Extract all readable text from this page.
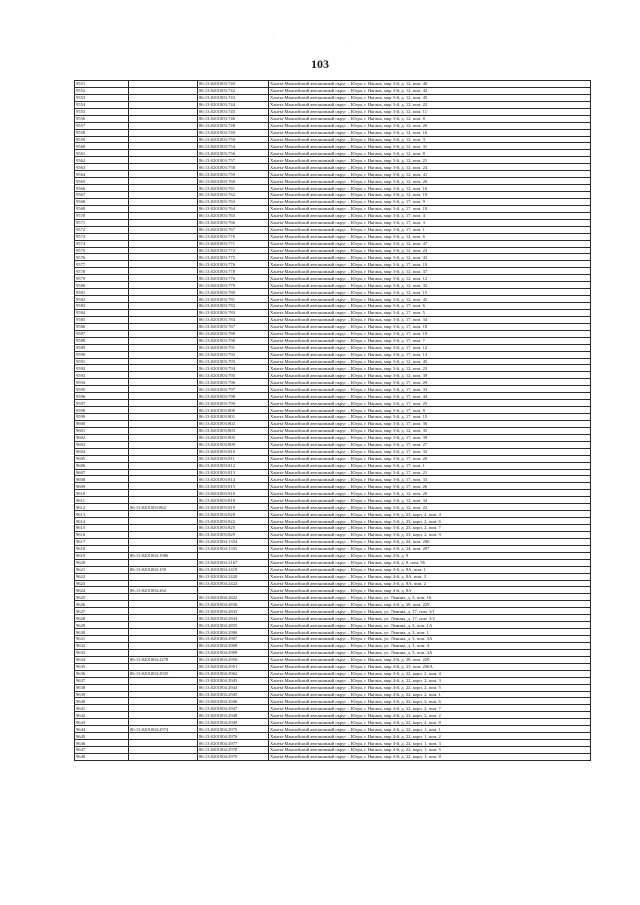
103
9551		86:13:0201003:740	Ханты-Мансийский автономный округ – Югра, г. Нягань, мкр 3-й, д. 12, пом. 40
9552		86:13:0201003:742	Ханты-Мансийский автономный округ – Югра, г. Нягань, мкр 3-й, д. 12, пом. 42
9553		86:13:0201003:743	Ханты-Мансийский автономный округ – Югра, г. Нягань, мкр 3-й, д. 12, пом. 45
9554		86:13:0201003:744	Ханты-Мансийский автономный округ – Югра, г. Нягань, мкр 3-й, д. 12, пом. 22
9555		86:13:0201003:745	Ханты-Мансийский автономный округ – Югра, г. Нягань, мкр 3-й, д. 12, пом. 11
9556		86:13:0201003:746	Ханты-Мансийский автономный округ – Югра, г. Нягань, мкр 3-й, д. 12, пом. 8
9557		86:13:0201003:748	Ханты-Мансийский автономный округ – Югра, г. Нягань, мкр 3-й, д. 12, пом. 20
9558		86:13:0201003:749	Ханты-Мансийский автономный округ – Югра, г. Нягань, мкр 3-й, д. 12, пом. 16
9559		86:13:0201003:750	Ханты-Мансийский автономный округ – Югра, г. Нягань, мкр 3-й, д. 12, пом. 3
9560		86:13:0201003:754	Ханты-Мансийский автономный округ – Югра, г. Нягань, мкр 3-й, д. 12, пом. 31
9561		86:13:0201003:756	Ханты-Мансийский автономный округ – Югра, г. Нягань, мкр 3-й, д. 12, пом. 8
9562		86:13:0201003:757	Ханты-Мансийский автономный округ – Югра, г. Нягань, мкр 3-й, д. 12, пом. 21
9563		86:13:0201003:758	Ханты-Мансийский автономный округ – Югра, г. Нягань, мкр 3-й, д. 12, пом. 24
9564		86:13:0201003:759	Ханты-Мансийский автономный округ – Югра, г. Нягань, мкр 3-й, д. 12, пом. 41
9565		86:13:0201003:760	Ханты-Мансийский автономный округ – Югра, г. Нягань, мкр 3-й, д. 12, пом. 26
9566		86:13:0201003:761	Ханты-Мансийский автономный округ – Югра, г. Нягань, мкр 3-й, д. 12, пом. 16
9567		86:13:0201003:762	Ханты-Мансийский автономный округ – Югра, г. Нягань, мкр 3-й, д. 12, пом. 18
9568		86:13:0201003:763	Ханты-Мансийский автономный округ – Югра, г. Нягань, мкр 3-й, д. 17, пом. 9
9569		86:13:0201003:764	Ханты-Мансийский автономный округ – Югра, г. Нягань, мкр 3-й, д. 17, пом. 18
9570		86:13:0201003:765	Ханты-Мансийский автономный округ – Югра, г. Нягань, мкр 3-й, д. 17, пом. 4
9571		86:13:0201003:766	Ханты-Мансийский автономный округ – Югра, г. Нягань, мкр 3-й, д. 17, пом. 3
9572		86:13:0201003:767	Ханты-Мансийский автономный округ – Югра, г. Нягань, мкр 3-й, д. 17, пом. 1
9573		86:13:0201003:770	Ханты-Мансийский автономный округ – Югра, г. Нягань, мкр 3-й, д. 12, пом. 6
9574		86:13:0201003:771	Ханты-Мансийский автономный округ – Югра, г. Нягань, мкр 3-й, д. 12, пом. 47
9575		86:13:0201003:772	Ханты-Мансийский автономный округ – Югра, г. Нягань, мкр 3-й, д. 12, пом. 24
9576		86:13:0201003:775	Ханты-Мансийский автономный округ – Югра, г. Нягань, мкр 3-й, д. 12, пом. 43
9577		86:13:0201003:776	Ханты-Мансийский автономный округ – Югра, г. Нягань, мкр 3-й, д. 17, пом. 10
9578		86:13:0201003:778	Ханты-Мансийский автономный округ – Югра, г. Нягань, мкр 3-й, д. 12, пом. 37
9579		86:13:0201003:776	Ханты-Мансийский автономный округ – Югра, г. Нягань, мкр 3-й, д. 12, пом. 12
9580		86:13:0201003:779	Ханты-Мансийский автономный округ – Югра, г. Нягань, мкр 3-й, д. 12, пом. 32
9581		86:13:0201003:780	Ханты-Мансийский автономный округ – Югра, г. Нягань, мкр 3-й, д. 12, пом. 15
9582		86:13:0201003:781	Ханты-Мансийский автономный округ – Югра, г. Нягань, мкр 3-й, д. 12, пом. 45
9583		86:13:0201003:782	Ханты-Мансийский автономный округ – Югра, г. Нягань, мкр 3-й, д. 17, пом. 6
9584		86:13:0201003:783	Ханты-Мансийский автономный округ – Югра, г. Нягань, мкр 3-й, д. 17, пом. 5
9585		86:13:0201003:784	Ханты-Мансийский автономный округ – Югра, г. Нягань, мкр 3-й, д. 17, пом. 34
9586		86:13:0201003:787	Ханты-Мансийский автономный округ – Югра, г. Нягань, мкр 3-й, д. 17, пом. 18
9587		86:13:0201003:788	Ханты-Мансийский автономный округ – Югра, г. Нягань, мкр 3-й, д. 17, пом. 19
9588		86:13:0201003:790	Ханты-Мансийский автономный округ – Югра, г. Нягань, мкр 3-й, д. 17, пом. 7
9589		86:13:0201003:791	Ханты-Мансийский автономный округ – Югра, г. Нягань, мкр 3-й, д. 17, пом. 12
9590		86:13:0201003:792	Ханты-Мансийский автономный округ – Югра, г. Нягань, мкр 3-й, д. 17, пом. 13
9591		86:13:0201003:793	Ханты-Мансийский автономный округ – Югра, г. Нягань, мкр 3-й, д. 12, пом. 45
9592		86:13:0201003:794	Ханты-Мансийский автономный округ – Югра, г. Нягань, мкр 3-й, д. 12, пом. 23
9593		86:13:0201003:795	Ханты-Мансийский автономный округ – Югра, г. Нягань, мкр 3-й, д. 12, пом. 39
9594		86:13:0201003:796	Ханты-Мансийский автономный округ – Югра, г. Нягань, мкр 3-й, д. 17, пом. 29
9595		86:13:0201003:797	Ханты-Мансийский автономный округ – Югра, г. Нягань, мкр 3-й, д. 17, пом. 33
9596		86:13:0201003:798	Ханты-Мансийский автономный округ – Югра, г. Нягань, мкр 3-й, д. 17, пом. 44
9597		86:13:0201003:799	Ханты-Мансийский автономный округ – Югра, г. Нягань, мкр 3-й, д. 17, пом. 25
9598		86:13:0201003:800	Ханты-Мансийский автономный округ – Югра, г. Нягань, мкр 3-й, д. 17, пом. 8
9599		86:13:0201003:801	Ханты-Мансийский автономный округ – Югра, г. Нягань, мкр 3-й, д. 17, пом. 15
9600		86:13:0201003:802	Ханты-Мансийский автономный округ – Югра, г. Нягань, мкр 3-й, д. 17, пом. 36
9601		86:13:0201003:803	Ханты-Мансийский автономный округ – Югра, г. Нягань, мкр 3-й, д. 12, пом. 35
9602		86:13:0201003:805	Ханты-Мансийский автономный округ – Югра, г. Нягань, мкр 3-й, д. 17, пом. 39
9603		86:13:0201003:809	Ханты-Мансийский автономный округ – Югра, г. Нягань, мкр 3-й, д. 17, пом. 27
9604		86:13:0201003:810	Ханты-Мансийский автономный округ – Югра, г. Нягань, мкр 3-й, д. 17, пом. 32
9605		86:13:0201003:811	Ханты-Мансийский автономный округ – Югра, г. Нягань, мкр 3-й, д. 17, пом. 20
9606		86:13:0201003:812	Ханты-Мансийский автономный округ – Югра, г. Нягань, мкр 3-й, д. 17, пом. 1
9607		86:13:0201003:813	Ханты-Мансийский автономный округ – Югра, г. Нягань, мкр 3-й, д. 17, пом. 21
9608		86:13:0201003:814	Ханты-Мансийский автономный округ – Югра, г. Нягань, мкр 3-й, д. 17, пом. 33
9609		86:13:0201003:815	Ханты-Мансийский автономный округ – Югра, г. Нягань, мкр 3-й, д. 17, пом. 26
9610		86:13:0201003:816	Ханты-Мансийский автономный округ – Югра, г. Нягань, мкр 3-й, д. 12, пом. 20
9611		86:13:0201003:818	Ханты-Мансийский автономный округ – Югра, г. Нягань, мкр 3-й, д. 12, пом. 34
9612	86:13:0201003:862	86:13:0201003:819	Ханты-Мансийский автономный округ – Югра, г. Нягань, мкр 3-й, д. 12, пом. 22
9613		86:13:0201003:820	Ханты-Мансийский автономный округ – Югра, г. Нягань, мкр 3-й, д. 23, корп. 2, пом. 4
9614		86:13:0201003:822	Ханты-Мансийский автономный округ – Югра, г. Нягань, мкр 3-й, д. 23, корп. 2, пом. 6
9615		86:13:0201003:825	Ханты-Мансийский автономный округ – Югра, г. Нягань, мкр 3-й, д. 23, корп. 2, пом. 7
9616		86:13:0201003:829	Ханты-Мансийский автономный округ – Югра, г. Нягань, мкр 3-й, д. 23, корп. 2, пом. 9
9617		86:13:0201004:1354	Ханты-Мансийский автономный округ – Югра, г. Нягань, мкр 4-й, д. 24, пом. 206
9618		86:13:0201004:1355	Ханты-Мансийский автономный округ – Югра, г. Нягань, мкр 4-й, д. 24, пом. 207
9619	86:13:0201004:1986		Ханты-Мансийский автономный округ – Югра, г. Нягань, мкр 4-й, д. 9
9620		86:13:0201004:2167	Ханты-Мансийский автономный округ – Югра, г. Нягань, мкр 4-й, д. 8, пом. 56
9621	86:13:0201004:159	86:13:0201004:2419	Ханты-Мансийский автономный округ – Югра, г. Нягань, мкр 4-й, д. 8А, пом. 1
9622		86:13:0201004:2420	Ханты-Мансийский автономный округ – Югра, г. Нягань, мкр 4-й, д. 8А, пом. 3
9623		86:13:0201004:2422	Ханты-Мансийский автономный округ – Югра, г. Нягань, мкр 4-й, д. 8А, пом. 2
9624	86:13:0201004:262		Ханты-Мансийский автономный округ – Югра, г. Нягань, мкр 4-й, д. 8А
9625		86:13:0201004:2822	Ханты-Мансийский автономный округ – Югра, г. Нягань, ул. Ленина, д. 3, пом. 16
9626		86:13:0201004:2836	Ханты-Мансийский автономный округ – Югра, г. Нягань, мкр 4-й, д. 28, пом. 229
9627		86:13:0201004:2843	Ханты-Мансийский автономный округ – Югра, г. Нягань, ул. Ленина, д. 17, пом. 3/1
9628		86:13:0201004:2844	Ханты-Мансийский автономный округ – Югра, г. Нягань, ул. Ленина, д. 17, пом. 3/2
9629		86:13:0201004:2855	Ханты-Мансийский автономный округ – Югра, г. Нягань, ул. Ленина, д. 3, пом. 1А
9630		86:13:0201004:2906	Ханты-Мансийский автономный округ – Югра, г. Нягань, ул. Ленина, д. 3, пом. 1
9631		86:13:0201004:2907	Ханты-Мансийский автономный округ – Югра, г. Нягань, ул. Ленина, д. 3, пом. 3А
9632		86:13:0201004:2908	Ханты-Мансийский автономный округ – Югра, г. Нягань, ул. Ленина, д. 3, пом. 4
9633		86:13:0201004:2909	Ханты-Мансийский автономный округ – Югра, г. Нягань, ул. Ленина, д. 3, пом. 4А
9634	86:13:0201004:2278	86:13:0201004:2950	Ханты-Мансийский автономный округ – Югра, г. Нягань, мкр 4-й, д. 28, пом. 229
9635		86:13:0201004:2951	Ханты-Мансийский автономный округ – Югра, г. Нягань, мкр 4-й, д. 23, пом. 236А
9636	86:13:0201004:2935	86:13:0201004:2962	Ханты-Мансийский автономный округ – Югра, г. Нягань, мкр 4-й, д. 22, корп. 2, пом. 4
9637		86:13:0201004:2943	Ханты-Мансийский автономный округ – Югра, г. Нягань, мкр 4-й, д. 22, корп. 2, пом. 3
9638		86:13:0201004:2944	Ханты-Мансийский автономный округ – Югра, г. Нягань, мкр 4-й, д. 22, корп. 2, пом. 5
9639		86:13:0201004:2945	Ханты-Мансийский автономный округ – Югра, г. Нягань, мкр 4-й, д. 22, корп. 2, пом. 1
9640		86:13:0201004:2946	Ханты-Мансийский автономный округ – Югра, г. Нягань, мкр 4-й, д. 22, корп. 2, пом. 6
9641		86:13:0201004:2947	Ханты-Мансийский автономный округ – Югра, г. Нягань, мкр 4-й, д. 22, корп. 2, пом. 7
9642		86:13:0201004:2948	Ханты-Мансийский автономный округ – Югра, г. Нягань, мкр 4-й, д. 22, корп. 2, пом. 2
9643		86:13:0201004:2949	Ханты-Мансийский автономный округ – Югра, г. Нягань, мкр 4-й, д. 22, корп. 2, пом. 8
9644	86:13:0201004:2974	86:13:0201004:2975	Ханты-Мансийский автономный округ – Югра, г. Нягань, мкр 4-й, д. 22, корп. 1, пом. 1
9645		86:13:0201004:2976	Ханты-Мансийский автономный округ – Югра, г. Нягань, мкр 4-й, д. 22, корп. 1, пом. 2
9646		86:13:0201004:2977	Ханты-Мансийский автономный округ – Югра, г. Нягань, мкр 4-й, д. 22, корп. 1, пом. 3
9647		86:13:0201004:2978	Ханты-Мансийский автономный округ – Югра, г. Нягань, мкр 4-й, д. 22, корп. 1, пом. 5
9648		86:13:0201004:2979	Ханты-Мансийский автономный округ – Югра, г. Нягань, мкр 4-й, д. 22, корп. 1, пом. 8
·
·
